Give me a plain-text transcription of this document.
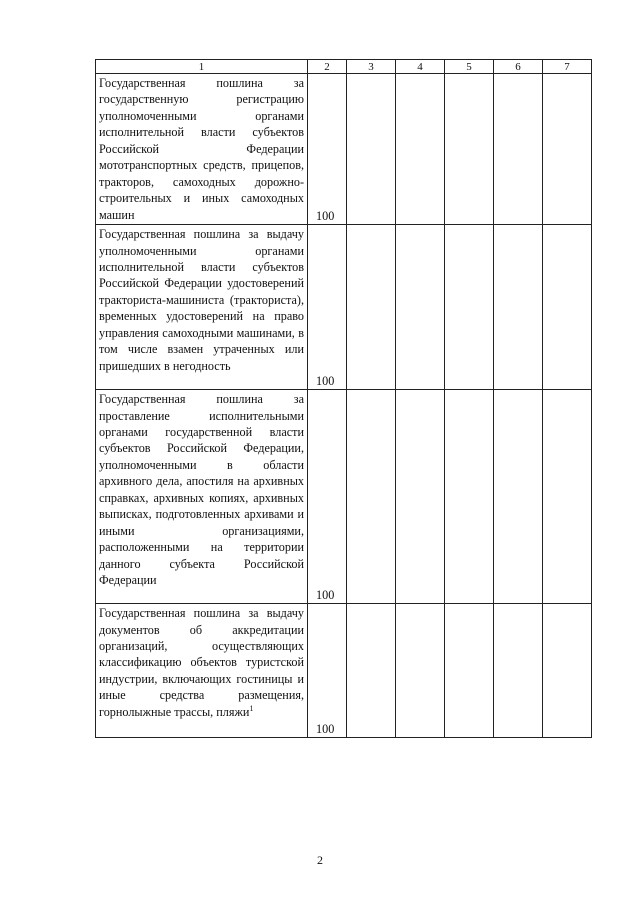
1	2	3	4	5	6	7
Государственная пошлина за государственную регистрацию уполномоченными органами исполнительной власти субъектов Российской Федерации мототранспортных средств, прицепов, тракторов, самоходных дорожно-строительных и иных самоходных машин	100					
Государственная пошлина за выдачу уполномоченными органами исполнительной власти субъектов Российской Федерации удостоверений тракториста-машиниста (тракториста), временных удостоверений на право управления самоходными машинами, в том числе взамен утраченных или пришедших в негодность	100					
Государственная пошлина за проставление исполнительными органами государственной власти субъектов Российской Федерации, уполномоченными в области архивного дела, апостиля на архивных справках, архивных копиях, архивных выписках, подготовленных архивами и иными организациями, расположенными на территории данного субъекта Российской Федерации	100					
Государственная пошлина за выдачу документов об аккредитации организаций, осуществляющих классификацию объектов туристской индустрии, включающих гостиницы и иные средства размещения, горнолыжные трассы, пляжи$^1$	100					
2
